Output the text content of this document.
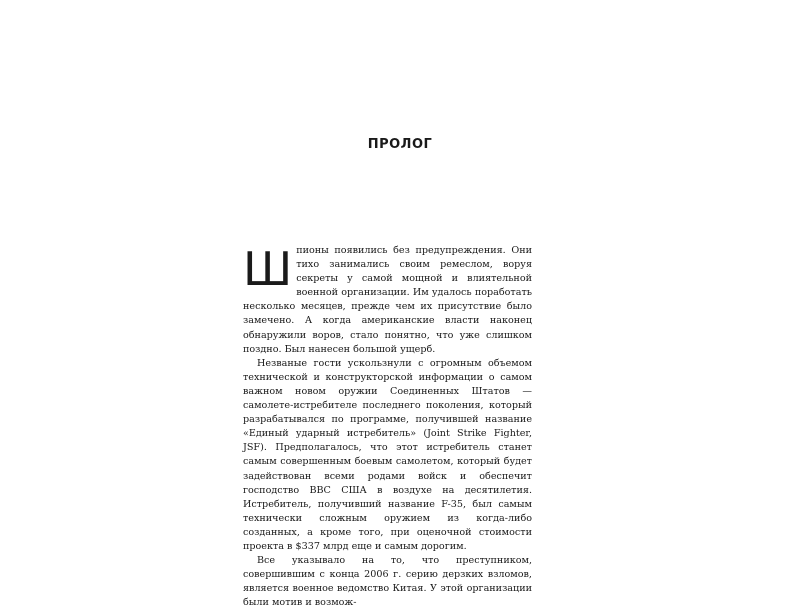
ПРОЛОГ

Шпионы появились без предупреждения. Они тихо занимались своим ремеслом, воруя секреты у самой мощной и влиятельной военной организации. Им удалось поработать несколько месяцев, прежде чем их присутствие было замечено. А когда американские власти наконец обнаружили воров, стало понятно, что уже слишком поздно. Был нанесен большой ущерб.

Незваные гости ускользнули с огромным объемом технической и конструкторской информации о самом важном новом оружии Соединенных Штатов — самолете-истребителе последнего поколения, который разрабатывался по программе, получившей название «Единый ударный истребитель» (Joint Strike Fighter, JSF). Предполагалось, что этот истребитель станет самым совершенным боевым самолетом, который будет задействован всеми родами войск и обеспечит господство ВВС США в воздухе на десятилетия. Истребитель, получивший название F-35, был самым технически сложным оружием из когда-либо созданных, а кроме того, при оценочной стоимости проекта в $337 млрд еще и самым дорогим.

Все указывало на то, что преступником, совершившим с конца 2006 г. серию дерзких взломов, является военное ведомство Китая. У этой организации были мотив и возмож-
